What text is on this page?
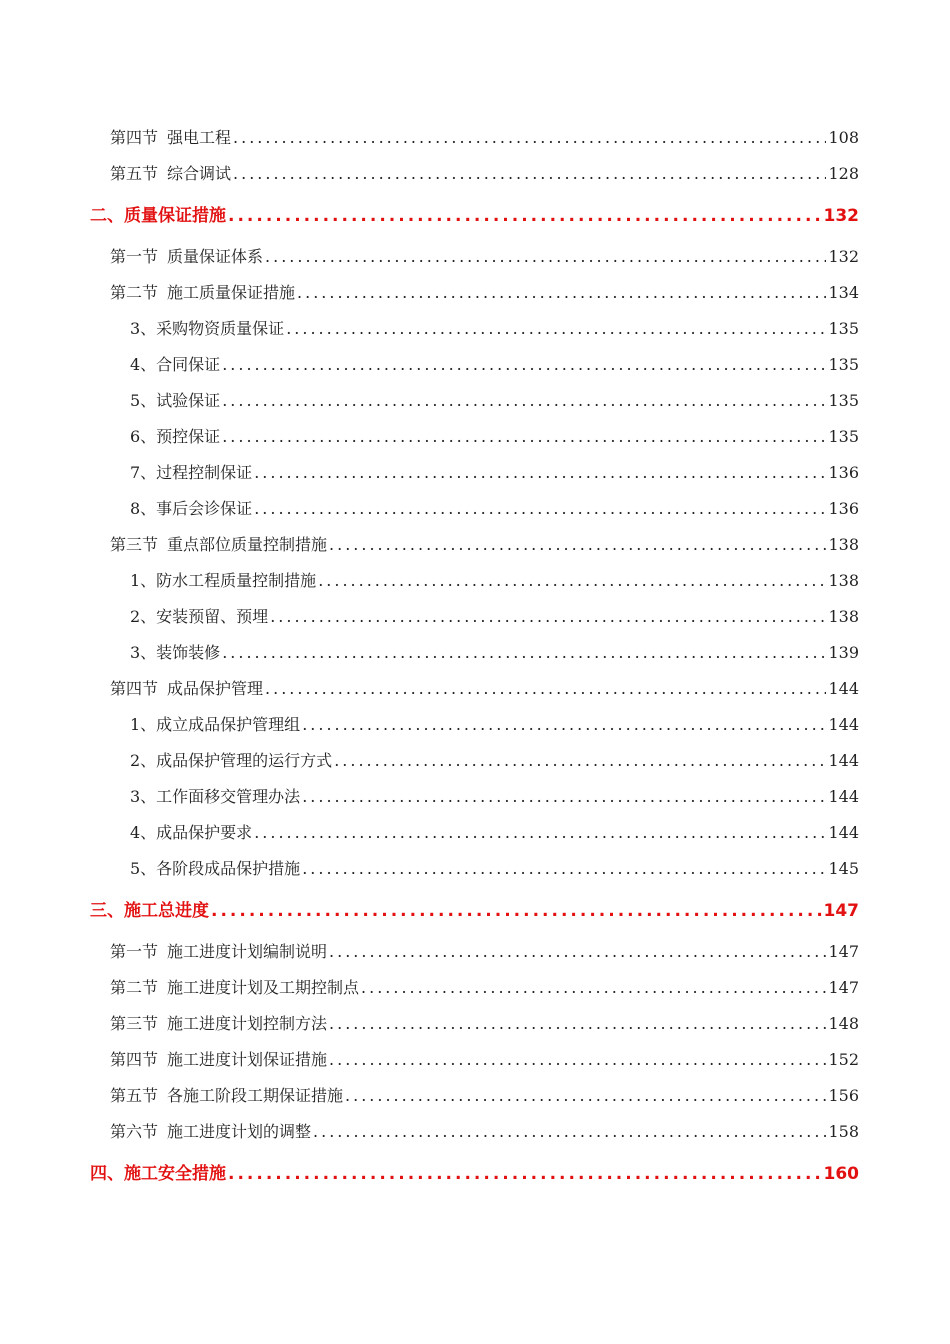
第四节 强电工程 .....	108
第五节 综合调试 .....	128
二、质量保证措施 .....	132
第一节 质量保证体系 .....	132
第二节 施工质量保证措施 .....	134
3、采购物资质量保证 .....	135
4、合同保证 .....	135
5、试验保证 .....	135
6、预控保证 .....	135
7、过程控制保证 .....	136
8、事后会诊保证 .....	136
第三节 重点部位质量控制措施 .....	138
1、防水工程质量控制措施 .....	138
2、安装预留、预埋 .....	138
3、装饰装修 .....	139
第四节 成品保护管理 .....	144
1、成立成品保护管理组 .....	144
2、成品保护管理的运行方式 .....	144
3、工作面移交管理办法 .....	144
4、成品保护要求 .....	144
5、各阶段成品保护措施 .....	145
三、施工总进度 .....	147
第一节 施工进度计划编制说明 .....	147
第二节 施工进度计划及工期控制点 .....	147
第三节 施工进度计划控制方法 .....	148
第四节 施工进度计划保证措施 .....	152
第五节 各施工阶段工期保证措施 .....	156
第六节 施工进度计划的调整 .....	158
四、施工安全措施 .....	160
